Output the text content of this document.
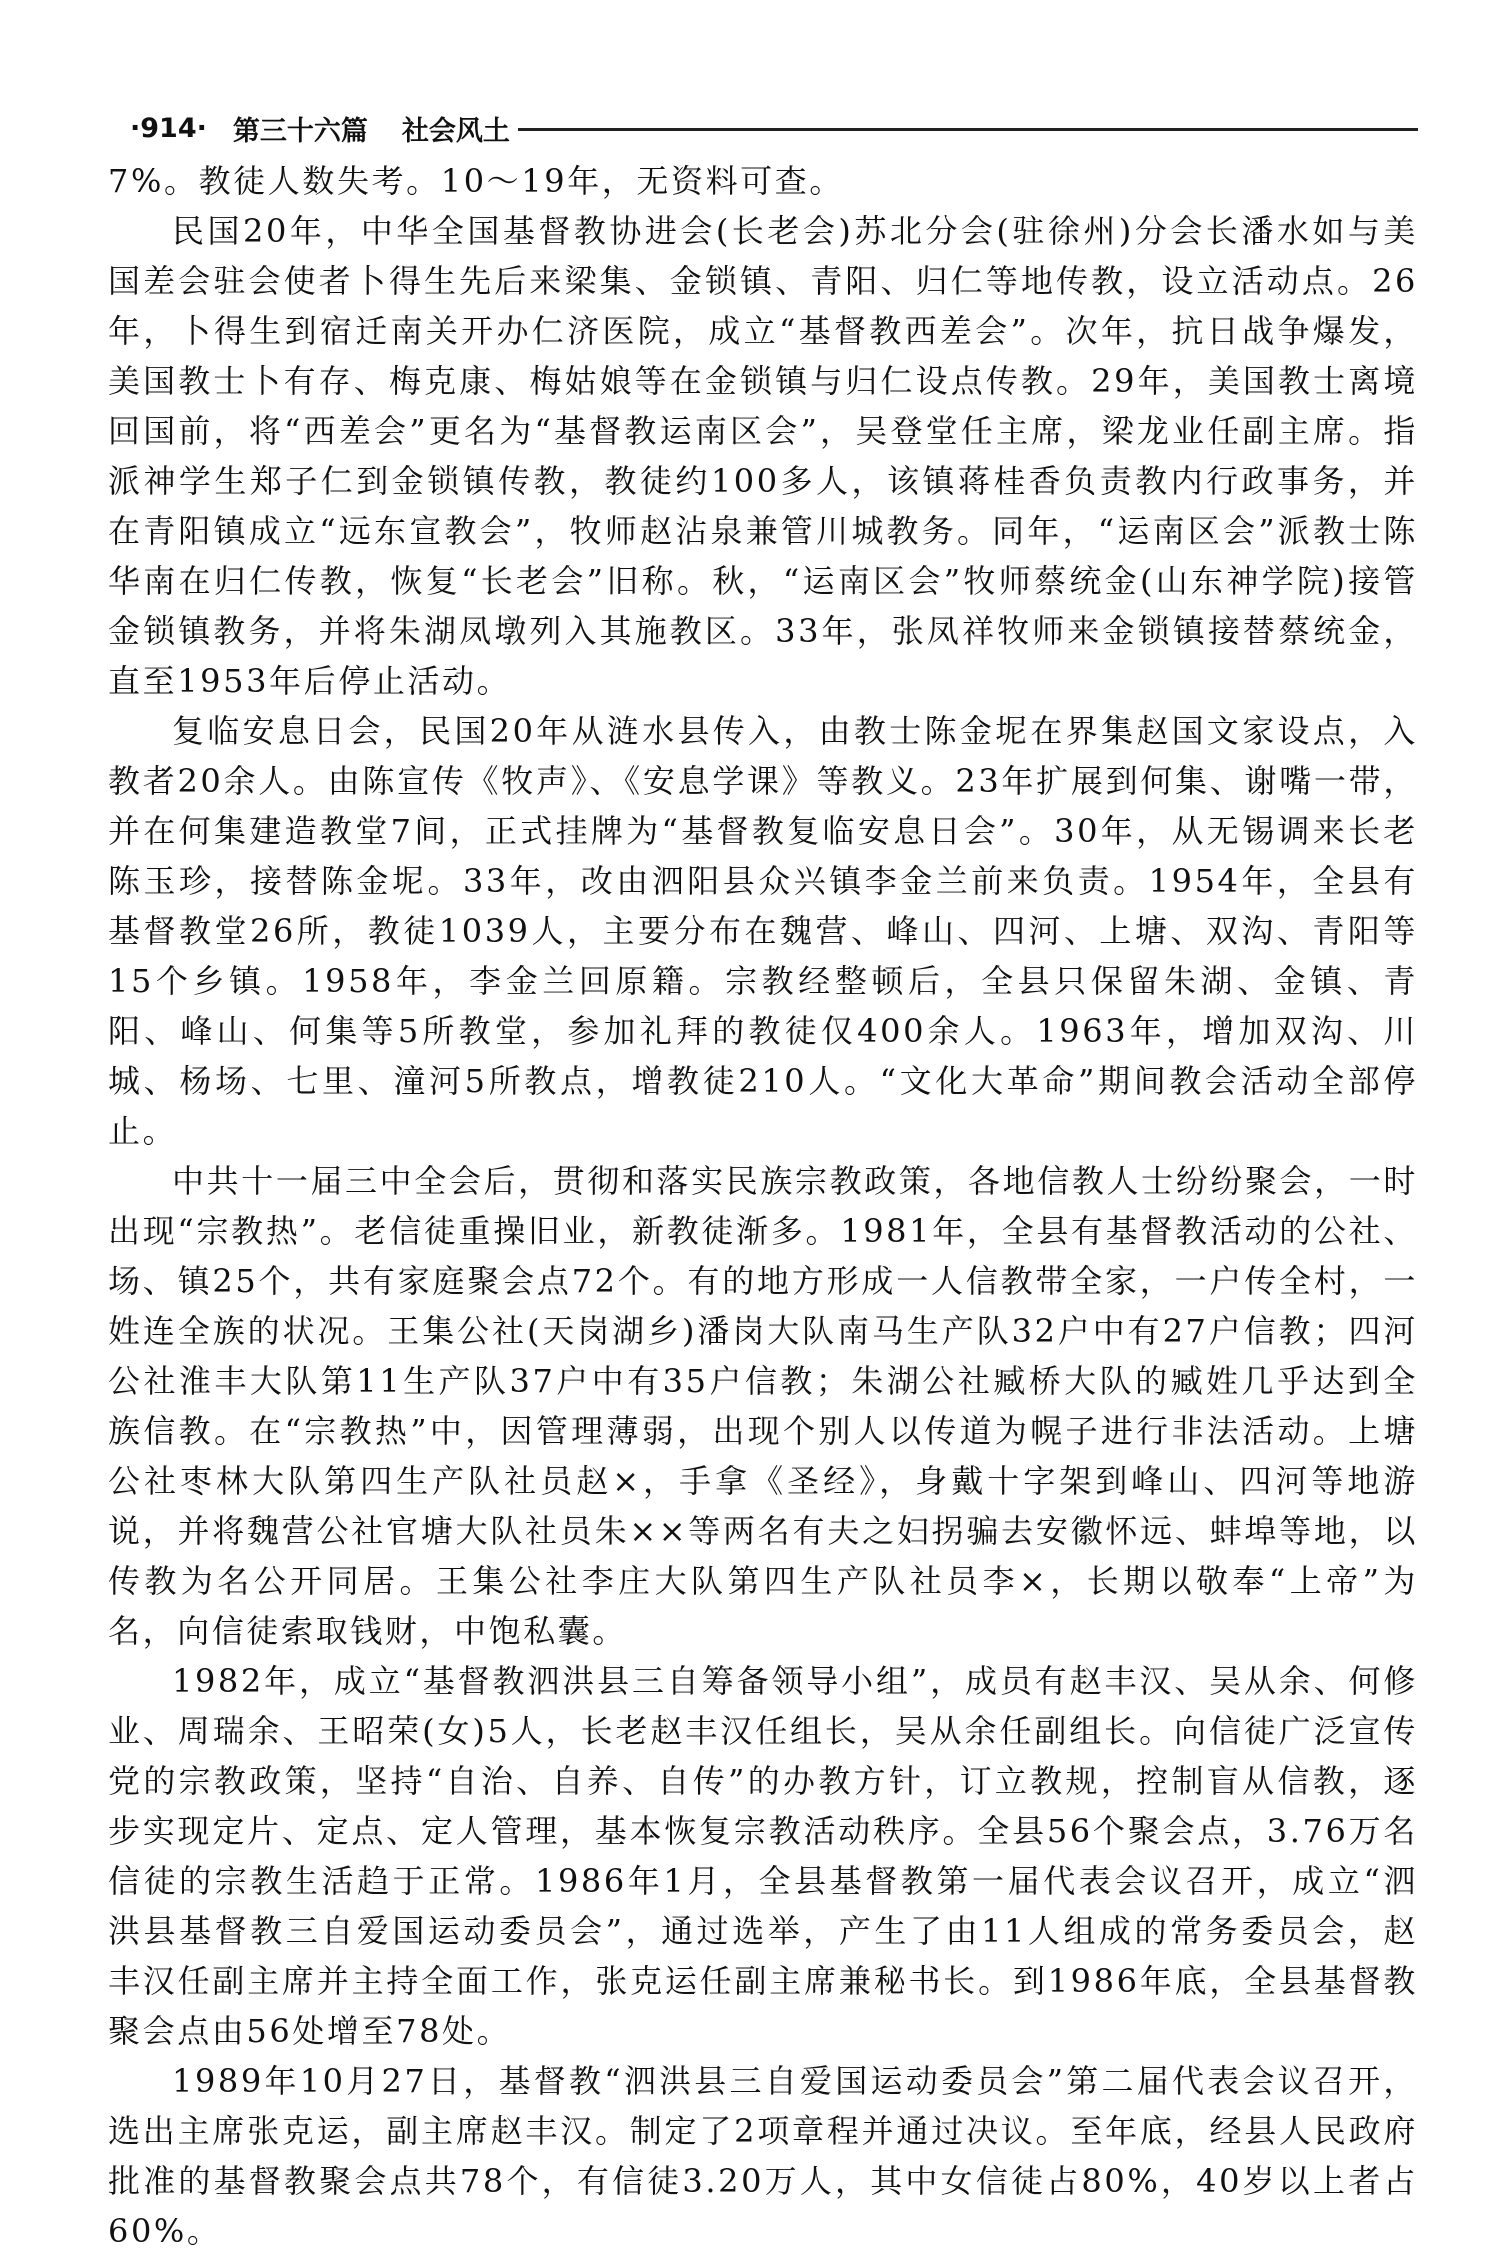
·914· 第三十六篇 社会风土

7%。教徒人数失考。10～19年，无资料可查。

民国20年，中华全国基督教协进会(长老会)苏北分会(驻徐州)分会长潘水如与美国差会驻会使者卜得生先后来梁集、金锁镇、青阳、归仁等地传教，设立活动点。26年，卜得生到宿迁南关开办仁济医院，成立“基督教西差会”。次年，抗日战争爆发，美国教士卜有存、梅克康、梅姑娘等在金锁镇与归仁设点传教。29年，美国教士离境回国前，将“西差会”更名为“基督教运南区会”，吴登堂任主席，梁龙业任副主席。指派神学生郑子仁到金锁镇传教，教徒约100多人，该镇蒋桂香负责教内行政事务，并在青阳镇成立“远东宣教会”，牧师赵沾泉兼管川城教务。同年，“运南区会”派教士陈华南在归仁传教，恢复“长老会”旧称。秋，“运南区会”牧师蔡统金(山东神学院)接管金锁镇教务，并将朱湖凤墩列入其施教区。33年，张凤祥牧师来金锁镇接替蔡统金，直至1953年后停止活动。

复临安息日会，民国20年从涟水县传入，由教士陈金坭在界集赵国文家设点，入教者20余人。由陈宣传《牧声》、《安息学课》等教义。23年扩展到何集、谢嘴一带，并在何集建造教堂7间，正式挂牌为“基督教复临安息日会”。30年，从无锡调来长老陈玉珍，接替陈金坭。33年，改由泗阳县众兴镇李金兰前来负责。1954年，全县有基督教堂26所，教徒1039人，主要分布在魏营、峰山、四河、上塘、双沟、青阳等15个乡镇。1958年，李金兰回原籍。宗教经整顿后，全县只保留朱湖、金镇、青阳、峰山、何集等5所教堂，参加礼拜的教徒仅400余人。1963年，增加双沟、川城、杨场、七里、潼河5所教点，增教徒210人。“文化大革命”期间教会活动全部停止。

中共十一届三中全会后，贯彻和落实民族宗教政策，各地信教人士纷纷聚会，一时出现“宗教热”。老信徒重操旧业，新教徒渐多。1981年，全县有基督教活动的公社、场、镇25个，共有家庭聚会点72个。有的地方形成一人信教带全家，一户传全村，一姓连全族的状况。王集公社(天岗湖乡)潘岗大队南马生产队32户中有27户信教；四河公社淮丰大队第11生产队37户中有35户信教；朱湖公社臧桥大队的臧姓几乎达到全族信教。在“宗教热”中，因管理薄弱，出现个别人以传道为幌子进行非法活动。上塘公社枣林大队第四生产队社员赵×，手拿《圣经》，身戴十字架到峰山、四河等地游说，并将魏营公社官塘大队社员朱××等两名有夫之妇拐骗去安徽怀远、蚌埠等地，以传教为名公开同居。王集公社李庄大队第四生产队社员李×，长期以敬奉“上帝”为名，向信徒索取钱财，中饱私囊。

1982年，成立“基督教泗洪县三自筹备领导小组”，成员有赵丰汉、吴从余、何修业、周瑞余、王昭荣(女)5人，长老赵丰汉任组长，吴从余任副组长。向信徒广泛宣传党的宗教政策，坚持“自治、自养、自传”的办教方针，订立教规，控制盲从信教，逐步实现定片、定点、定人管理，基本恢复宗教活动秩序。全县56个聚会点，3.76万名信徒的宗教生活趋于正常。1986年1月，全县基督教第一届代表会议召开，成立“泗洪县基督教三自爱国运动委员会”，通过选举，产生了由11人组成的常务委员会，赵丰汉任副主席并主持全面工作，张克运任副主席兼秘书长。到1986年底，全县基督教聚会点由56处增至78处。

1989年10月27日，基督教“泗洪县三自爱国运动委员会”第二届代表会议召开，选出主席张克运，副主席赵丰汉。制定了2项章程并通过决议。至年底，经县人民政府批准的基督教聚会点共78个，有信徒3.20万人，其中女信徒占80%，40岁以上者占60%。
